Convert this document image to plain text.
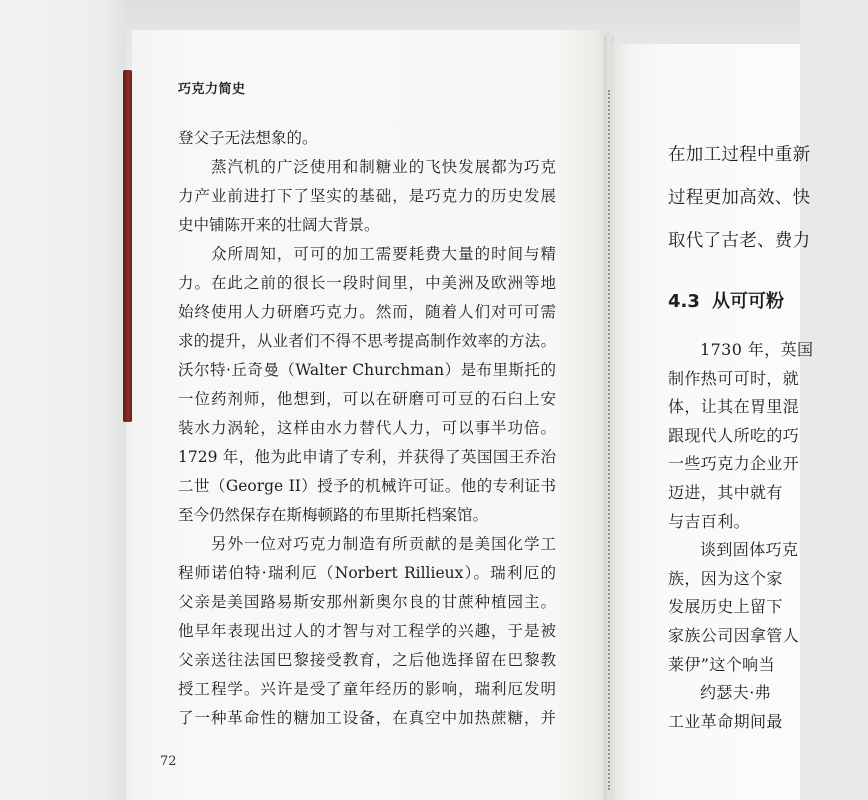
巧克力简史
登父子无法想象的。
蒸汽机的广泛使用和制糖业的飞快发展都为巧克
力产业前进打下了坚实的基础，是巧克力的历史发展
史中铺陈开来的壮阔大背景。
众所周知，可可的加工需要耗费大量的时间与精
力。在此之前的很长一段时间里，中美洲及欧洲等地
始终使用人力研磨巧克力。然而，随着人们对可可需
求的提升，从业者们不得不思考提高制作效率的方法。
沃尔特·丘奇曼（Walter Churchman）是布里斯托的
一位药剂师，他想到，可以在研磨可可豆的石臼上安
装水力涡轮，这样由水力替代人力，可以事半功倍。
1729 年，他为此申请了专利，并获得了英国国王乔治
二世（George II）授予的机械许可证。他的专利证书
至今仍然保存在斯梅顿路的布里斯托档案馆。
另外一位对巧克力制造有所贡献的是美国化学工
程师诺伯特·瑞利厄（Norbert Rillieux）。瑞利厄的
父亲是美国路易斯安那州新奥尔良的甘蔗种植园主。
他早年表现出过人的才智与对工程学的兴趣，于是被
父亲送往法国巴黎接受教育，之后他选择留在巴黎教
授工程学。兴许是受了童年经历的影响，瑞利厄发明
了一种革命性的糖加工设备，在真空中加热蔗糖，并
72
在加工过程中重新
过程更加高效、快
取代了古老、费力
4.3 从可可粉
1730 年，英国
制作热可可时，就
体，让其在胃里混
跟现代人所吃的巧
一些巧克力企业开
迈进，其中就有
与吉百利。
谈到固体巧克
族，因为这个家
发展历史上留下
家族公司因拿管人
莱伊”这个响当
约瑟夫·弗
工业革命期间最
